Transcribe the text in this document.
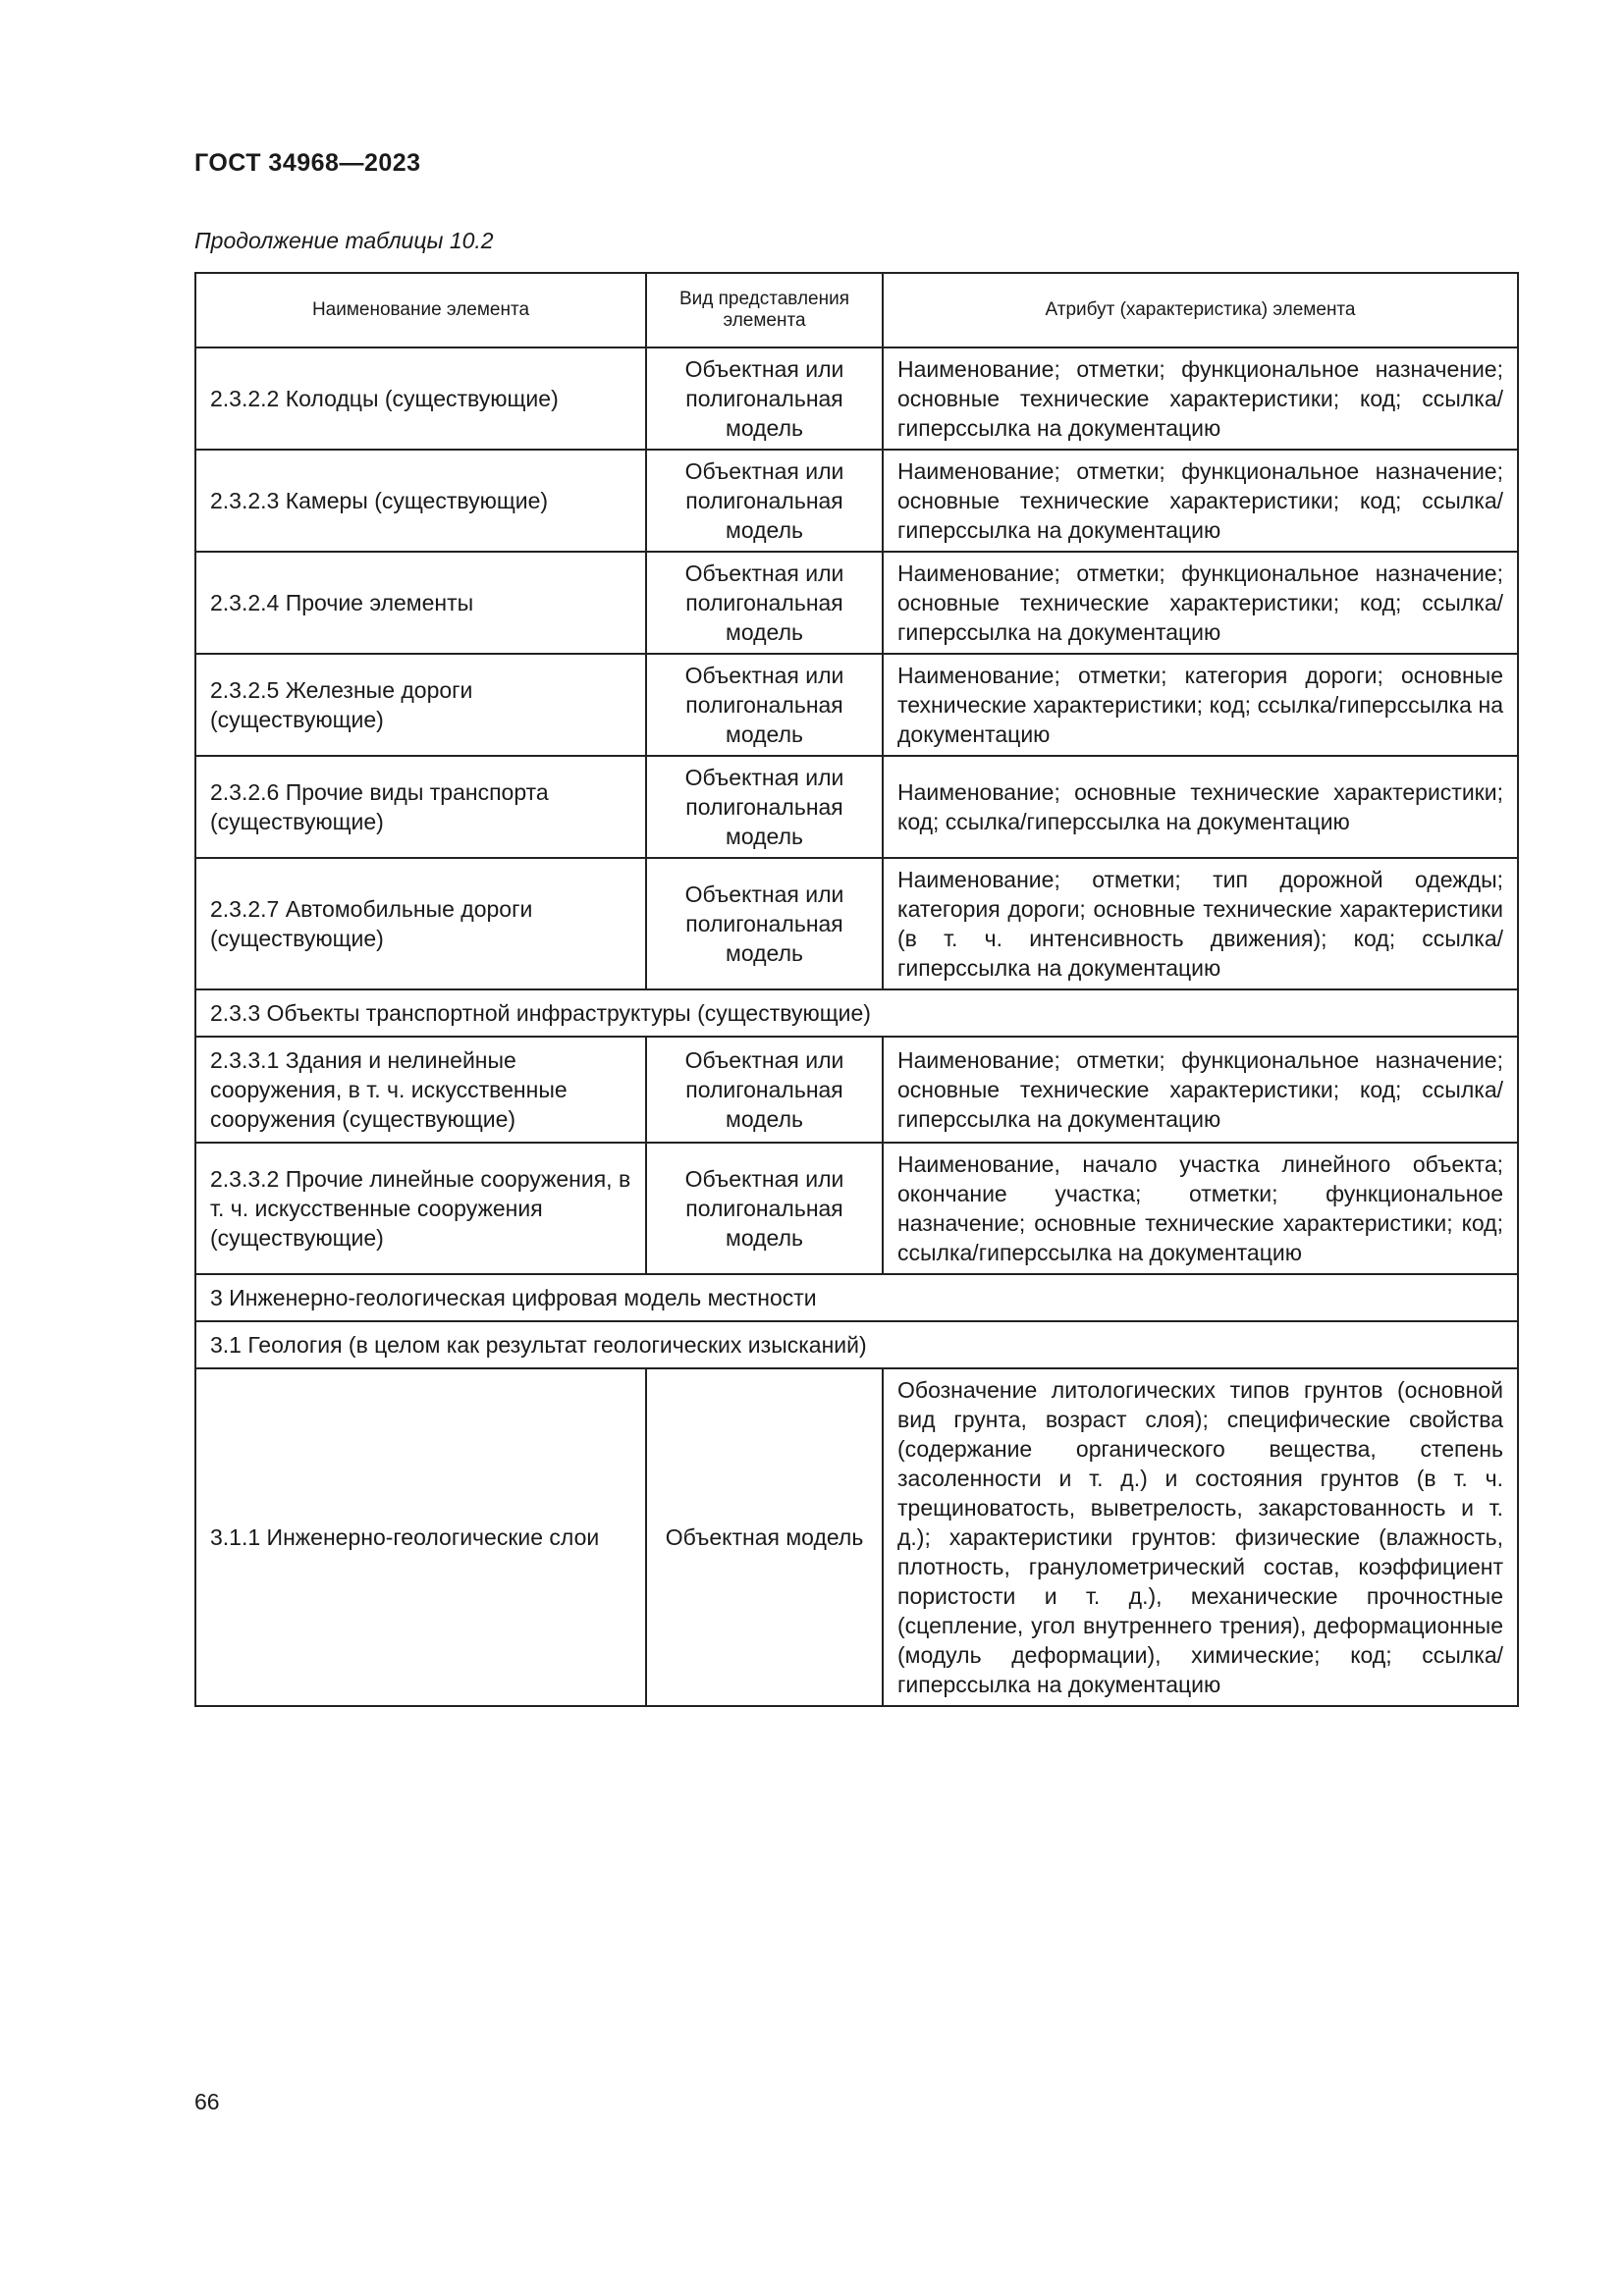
ГОСТ 34968—2023
Продолжение таблицы 10.2
Наименование элемента	Вид представления элемента	Атрибут (характеристика) элемента
2.3.2.2 Колодцы (существующие)	Объектная или полигональная модель	Наименование; отметки; функциональное назначение; основные технические характеристики; код; ссылка/гиперссылка на документацию
2.3.2.3 Камеры (существующие)	Объектная или полигональная модель	Наименование; отметки; функциональное назначение; основные технические характеристики; код; ссылка/гиперссылка на документацию
2.3.2.4 Прочие элементы	Объектная или полигональная модель	Наименование; отметки; функциональное назначение; основные технические характеристики; код; ссылка/гиперссылка на документацию
2.3.2.5 Железные дороги (существующие)	Объектная или полигональная модель	Наименование; отметки; категория дороги; основные технические характеристики; код; ссылка/гиперссылка на документацию
2.3.2.6 Прочие виды транспорта (существующие)	Объектная или полигональная модель	Наименование; основные технические характеристики; код; ссылка/гиперссылка на документацию
2.3.2.7 Автомобильные дороги (существующие)	Объектная или полигональная модель	Наименование; отметки; тип дорожной одежды; категория дороги; основные технические характеристики (в т. ч. интенсивность движения); код; ссылка/гиперссылка на документацию
2.3.3 Объекты транспортной инфраструктуры (существующие)		
2.3.3.1 Здания и нелинейные сооружения, в т. ч. искусственные сооружения (существующие)	Объектная или полигональная модель	Наименование; отметки; функциональное назначение; основные технические характеристики; код; ссылка/гиперссылка на документацию
2.3.3.2 Прочие линейные сооружения, в т. ч. искусственные сооружения (существующие)	Объектная или полигональная модель	Наименование, начало участка линейного объекта; окончание участка; отметки; функциональное назначение; основные технические характеристики; код; ссылка/гиперссылка на документацию
3 Инженерно-геологическая цифровая модель местности		
3.1 Геология (в целом как результат геологических изысканий)		
3.1.1 Инженерно-геологические слои	Объектная модель	Обозначение литологических типов грунтов (основной вид грунта, возраст слоя); специфические свойства (содержание органического вещества, степень засоленности и т. д.) и состояния грунтов (в т. ч. трещиноватость, выветрелость, закарстованность и т. д.); характеристики грунтов: физические (влажность, плотность, гранулометрический состав, коэффициент пористости и т. д.), механические прочностные (сцепление, угол внутреннего трения), деформационные (модуль деформации), химические; код; ссылка/гиперссылка на документацию
66
